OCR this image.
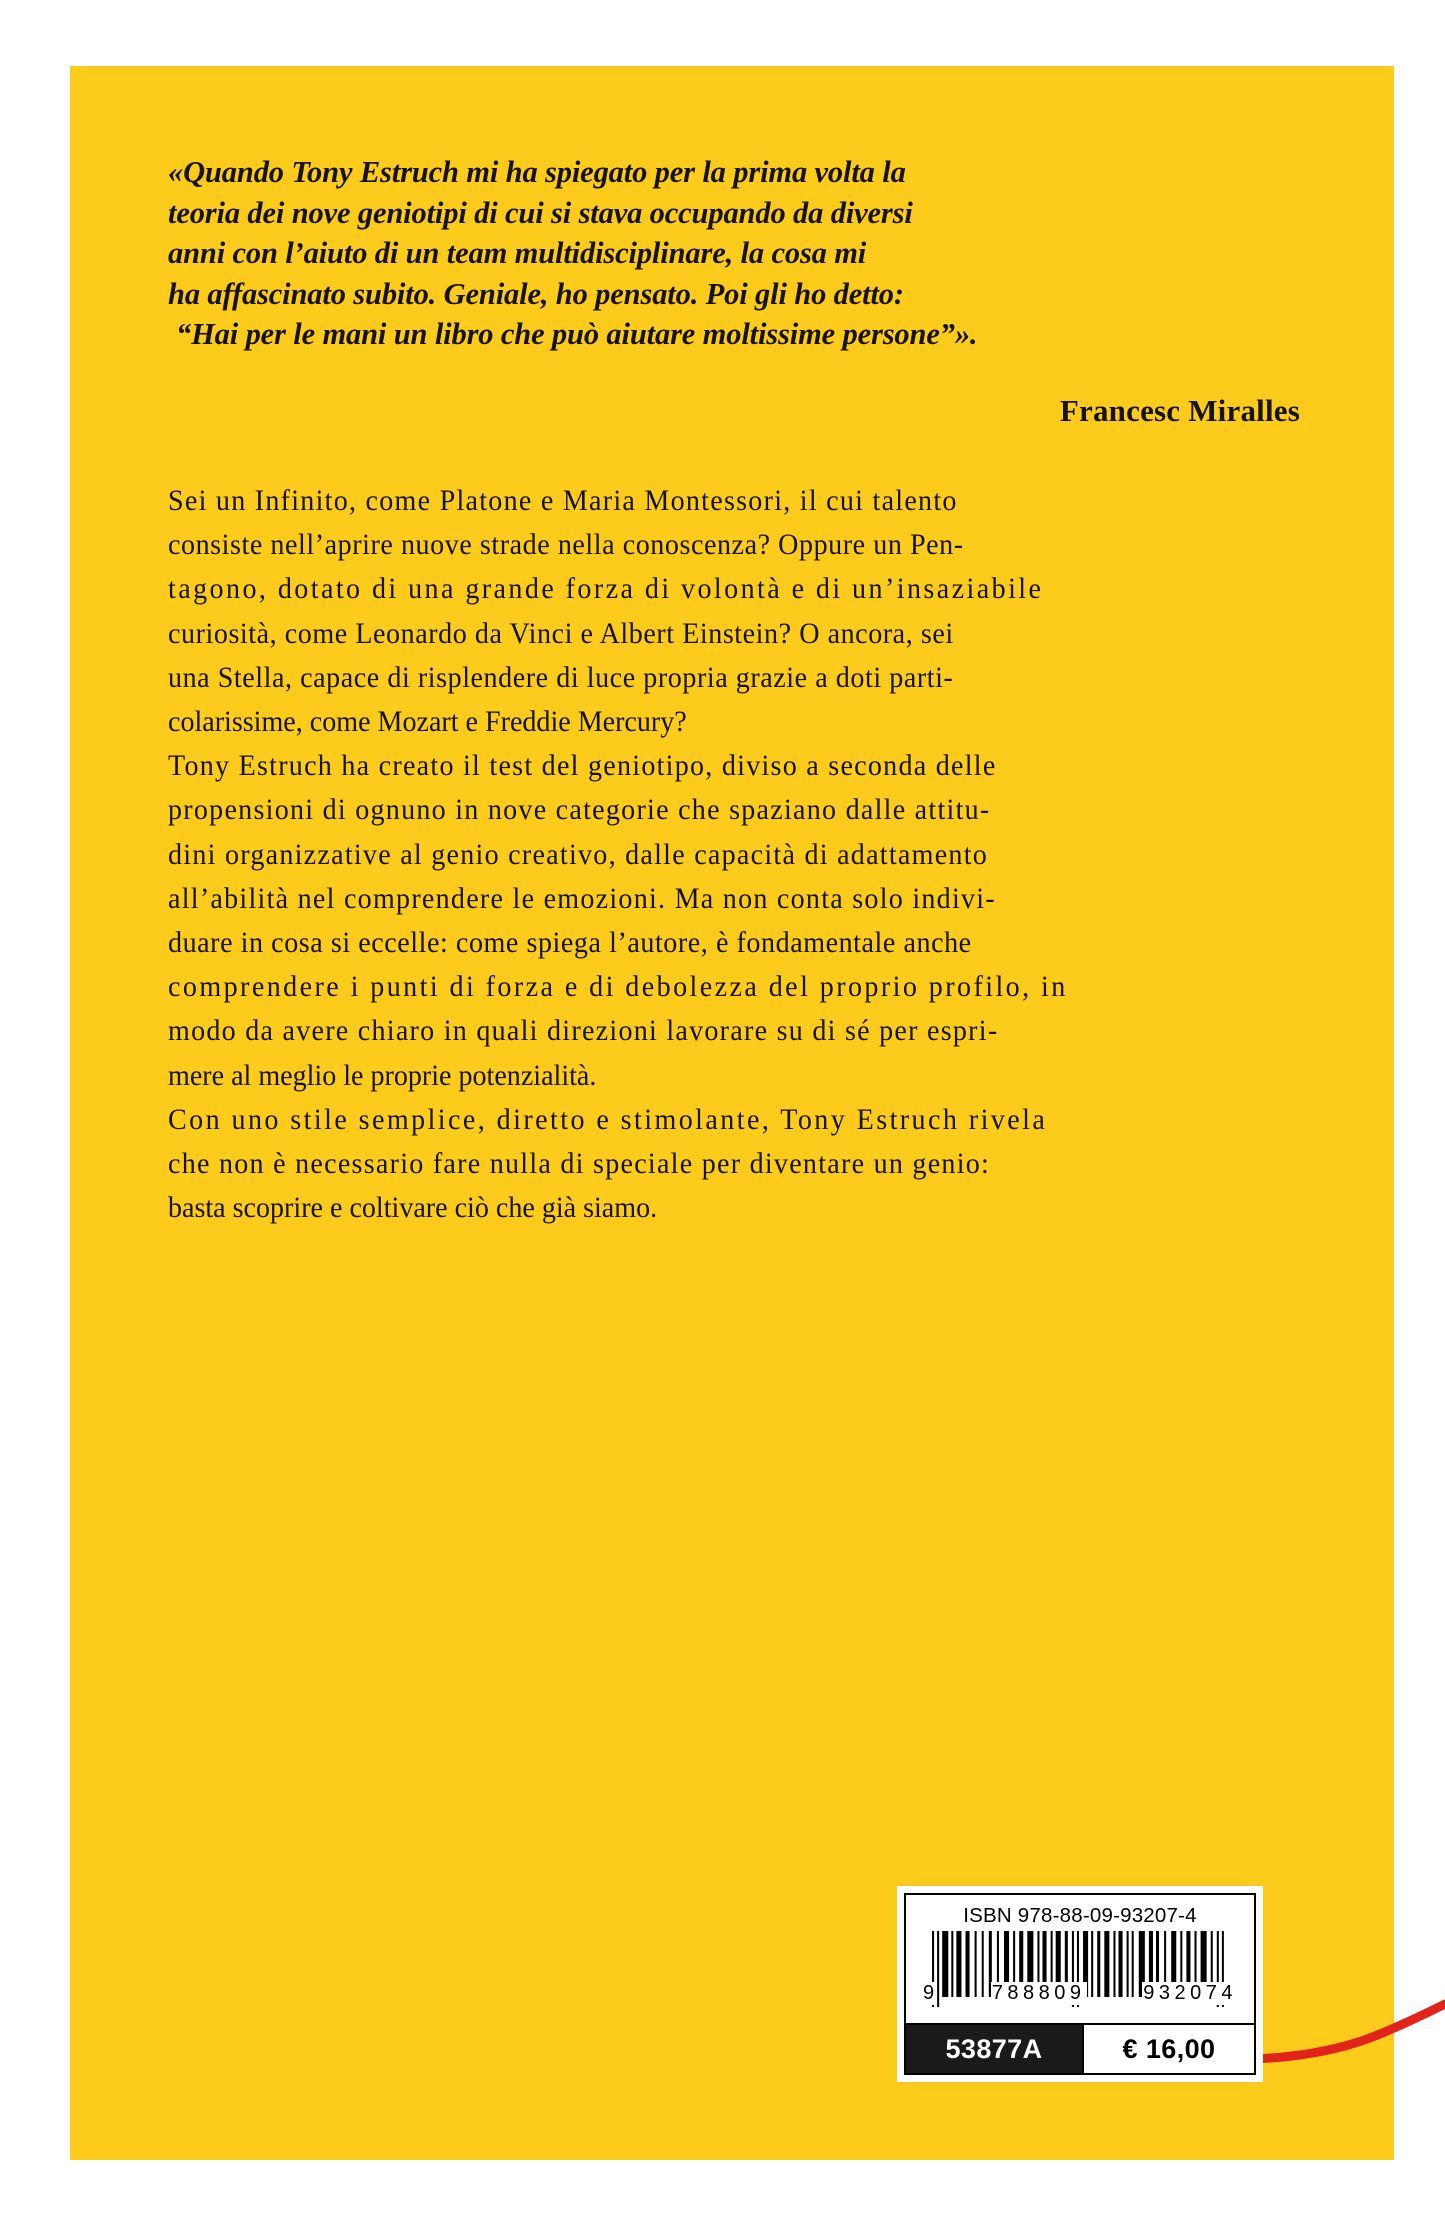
«Quando Tony Estruch mi ha spiegato per la prima volta la
teoria dei nove geniotipi di cui si stava occupando da diversi
anni con l’aiuto di un team multidisciplinare, la cosa mi
ha affascinato subito. Geniale, ho pensato. Poi gli ho detto:
“Hai per le mani un libro che può aiutare moltissime persone”».
Francesc Miralles
Sei un Infinito, come Platone e Maria Montessori, il cui talento
consiste nell’aprire nuove strade nella conoscenza? Oppure un Pen-
tagono, dotato di una grande forza di volontà e di un’insaziabile
curiosità, come Leonardo da Vinci e Albert Einstein? O ancora, sei
una Stella, capace di risplendere di luce propria grazie a doti parti-
colarissime, come Mozart e Freddie Mercury?
Tony Estruch ha creato il test del geniotipo, diviso a seconda delle
propensioni di ognuno in nove categorie che spaziano dalle attitu-
dini organizzative al genio creativo, dalle capacità di adattamento
all’abilità nel comprendere le emozioni. Ma non conta solo indivi-
duare in cosa si eccelle: come spiega l’autore, è fondamentale anche
comprendere i punti di forza e di debolezza del proprio profilo, in
modo da avere chiaro in quali direzioni lavorare su di sé per espri-
mere al meglio le proprie potenzialità.
Con uno stile semplice, diretto e stimolante, Tony Estruch rivela
che non è necessario fare nulla di speciale per diventare un genio:
basta scoprire e coltivare ciò che già siamo.
ISBN 978-88-09-93207-4
9	788809	932074
53877A	€ 16,00
